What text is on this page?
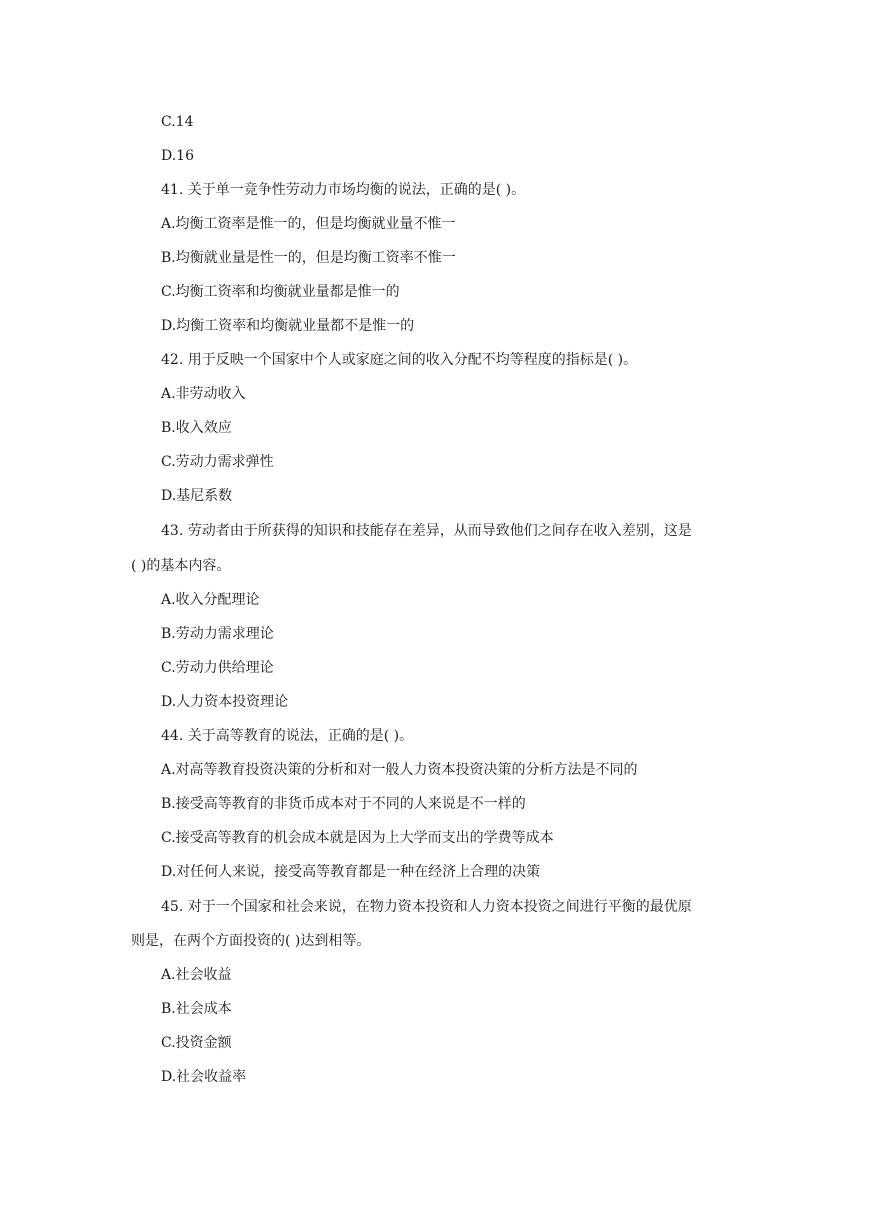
C.14

D.16

41. 关于单一竞争性劳动力市场均衡的说法，正确的是( )。

A.均衡工资率是惟一的，但是均衡就业量不惟一

B.均衡就业量是性一的，但是均衡工资率不惟一

C.均衡工资率和均衡就业量都是惟一的

D.均衡工资率和均衡就业量都不是惟一的

42. 用于反映一个国家中个人或家庭之间的收入分配不均等程度的指标是( )。

A.非劳动收入

B.收入效应

C.劳动力需求弹性

D.基尼系数

43. 劳动者由于所获得的知识和技能存在差异，从而导致他们之间存在收入差别，这是

( )的基本内容。

A.收入分配理论

B.劳动力需求理论

C.劳动力供给理论

D.人力资本投资理论

44. 关于高等教育的说法，正确的是( )。

A.对高等教育投资决策的分析和对一般人力资本投资决策的分析方法是不同的

B.接受高等教育的非货币成本对于不同的人来说是不一样的

C.接受高等教育的机会成本就是因为上大学而支出的学费等成本

D.对任何人来说，接受高等教育都是一种在经济上合理的决策

45. 对于一个国家和社会来说，在物力资本投资和人力资本投资之间进行平衡的最优原

则是，在两个方面投资的( )达到相等。

A.社会收益

B.社会成本

C.投资金额

D.社会收益率
